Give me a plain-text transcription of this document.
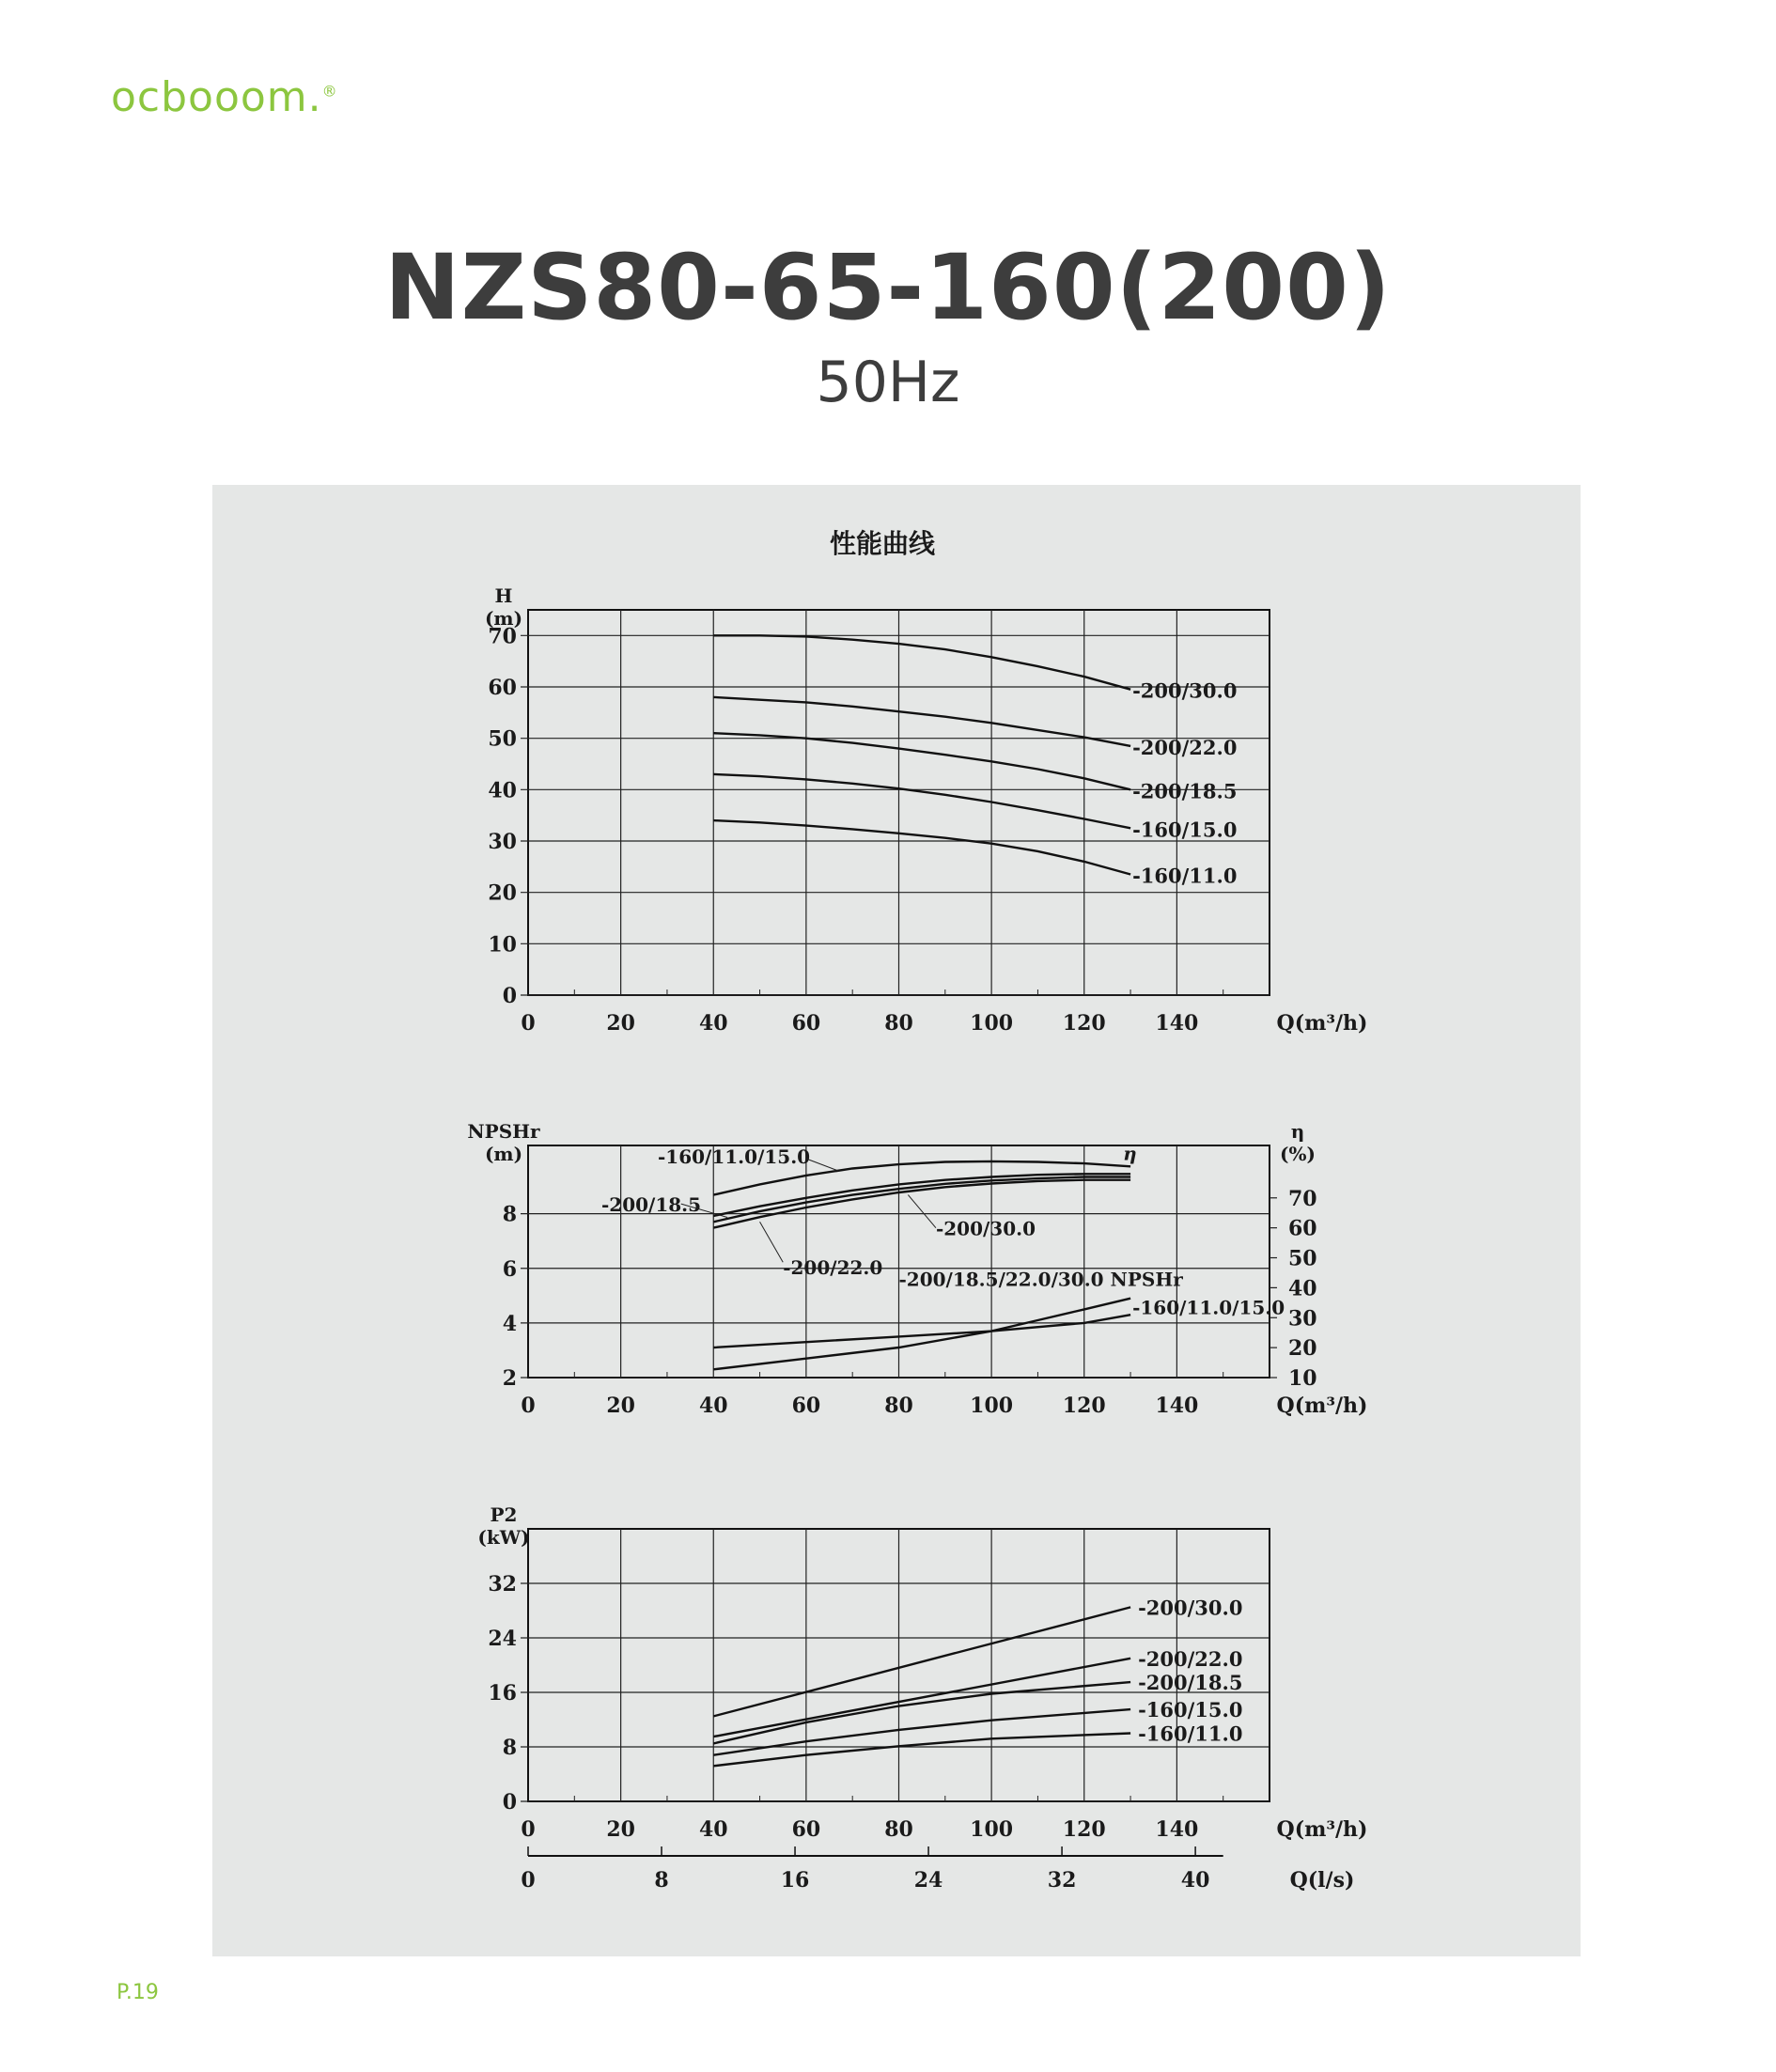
ocbooom.®
NZS80-65-160(200)
50Hz
性能曲线
0	20	40	60	80	100 120 140
0
10
20
30
40
50
60
70
H
(m)
Q(m³/h)
-200/30.0
-200/22.0
-200/18.5
-160/15.0
-160/11.0
0	20	40	60	80	100 120 140
2
4
6
8
NPSHr
(m)
Q(m³/h)
10
20
30
40
50
60
70
η
(%)
η
-160/11.0/15.0
-200/30.0
-200/18.5
-200/22.0
-200/18.5/22.0/30.0 NPSHr
-160/11.0/15.0
0	20	40	60	80	100 120 140
0
8
16
24
32
P2
(kW)
Q(m³/h)
-200/30.0
-200/22.0
-200/18.5
-160/15.0
-160/11.0
0	8	16	24	32	40	Q(l/s)
P.19
